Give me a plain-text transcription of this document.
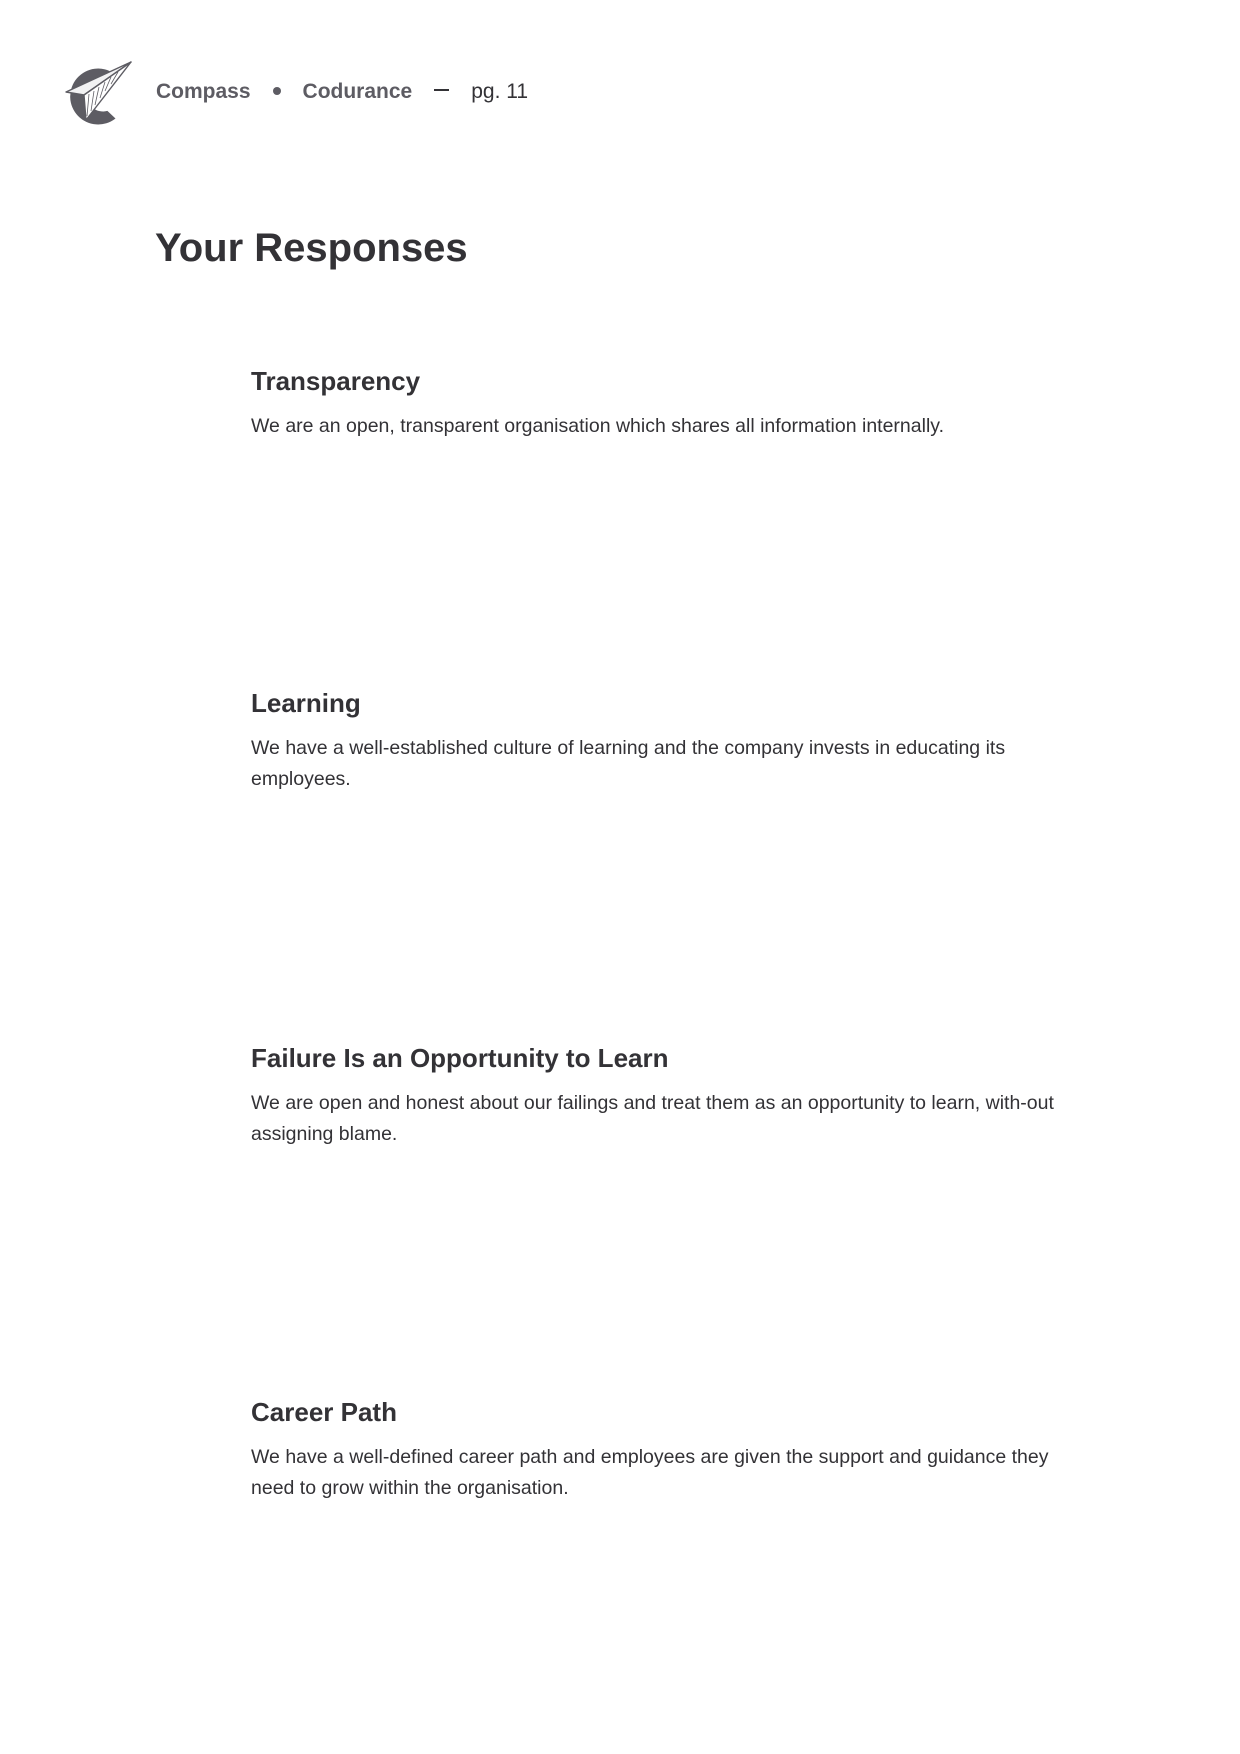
Compass Codurance	pg. 11
Your Responses
Transparency

We are an open, transparent organisation which shares all information internally.

Learning

We have a well-established culture of learning and the company invests in educating its employees.

Failure Is an Opportunity to Learn

We are open and honest about our failings and treat them as an opportunity to learn, with-out assigning blame.

Career Path

We have a well-defined career path and employees are given the support and guidance they need to grow within the organisation.
